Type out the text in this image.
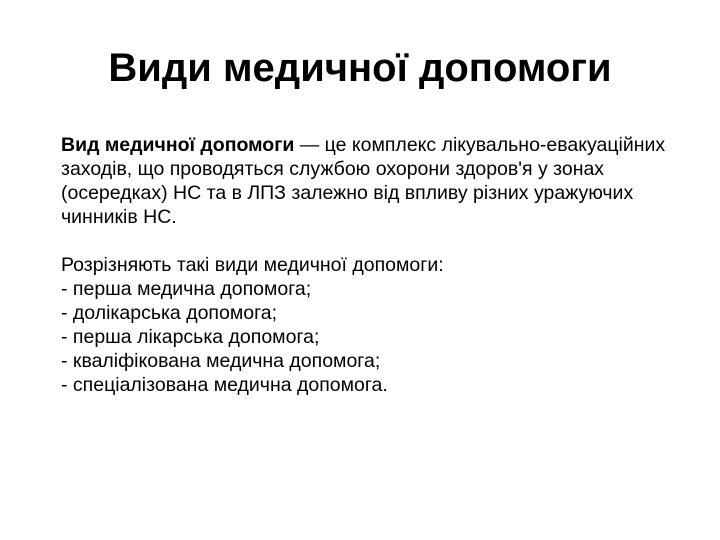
Види медичної допомоги

Вид медичної допомоги — це комплекс лікувально-евакуаційних заходів, що проводяться службою охорони здоров'я у зонах (осередках) НС та в ЛПЗ залежно від впливу різних уражуючих чинників НС.

Розрізняють такі види медичної допомоги:

- перша медична допомога;
- долікарська допомога;
- перша лікарська допомога;
- кваліфікована медична допомога;
- спеціалізована медична допомога.
